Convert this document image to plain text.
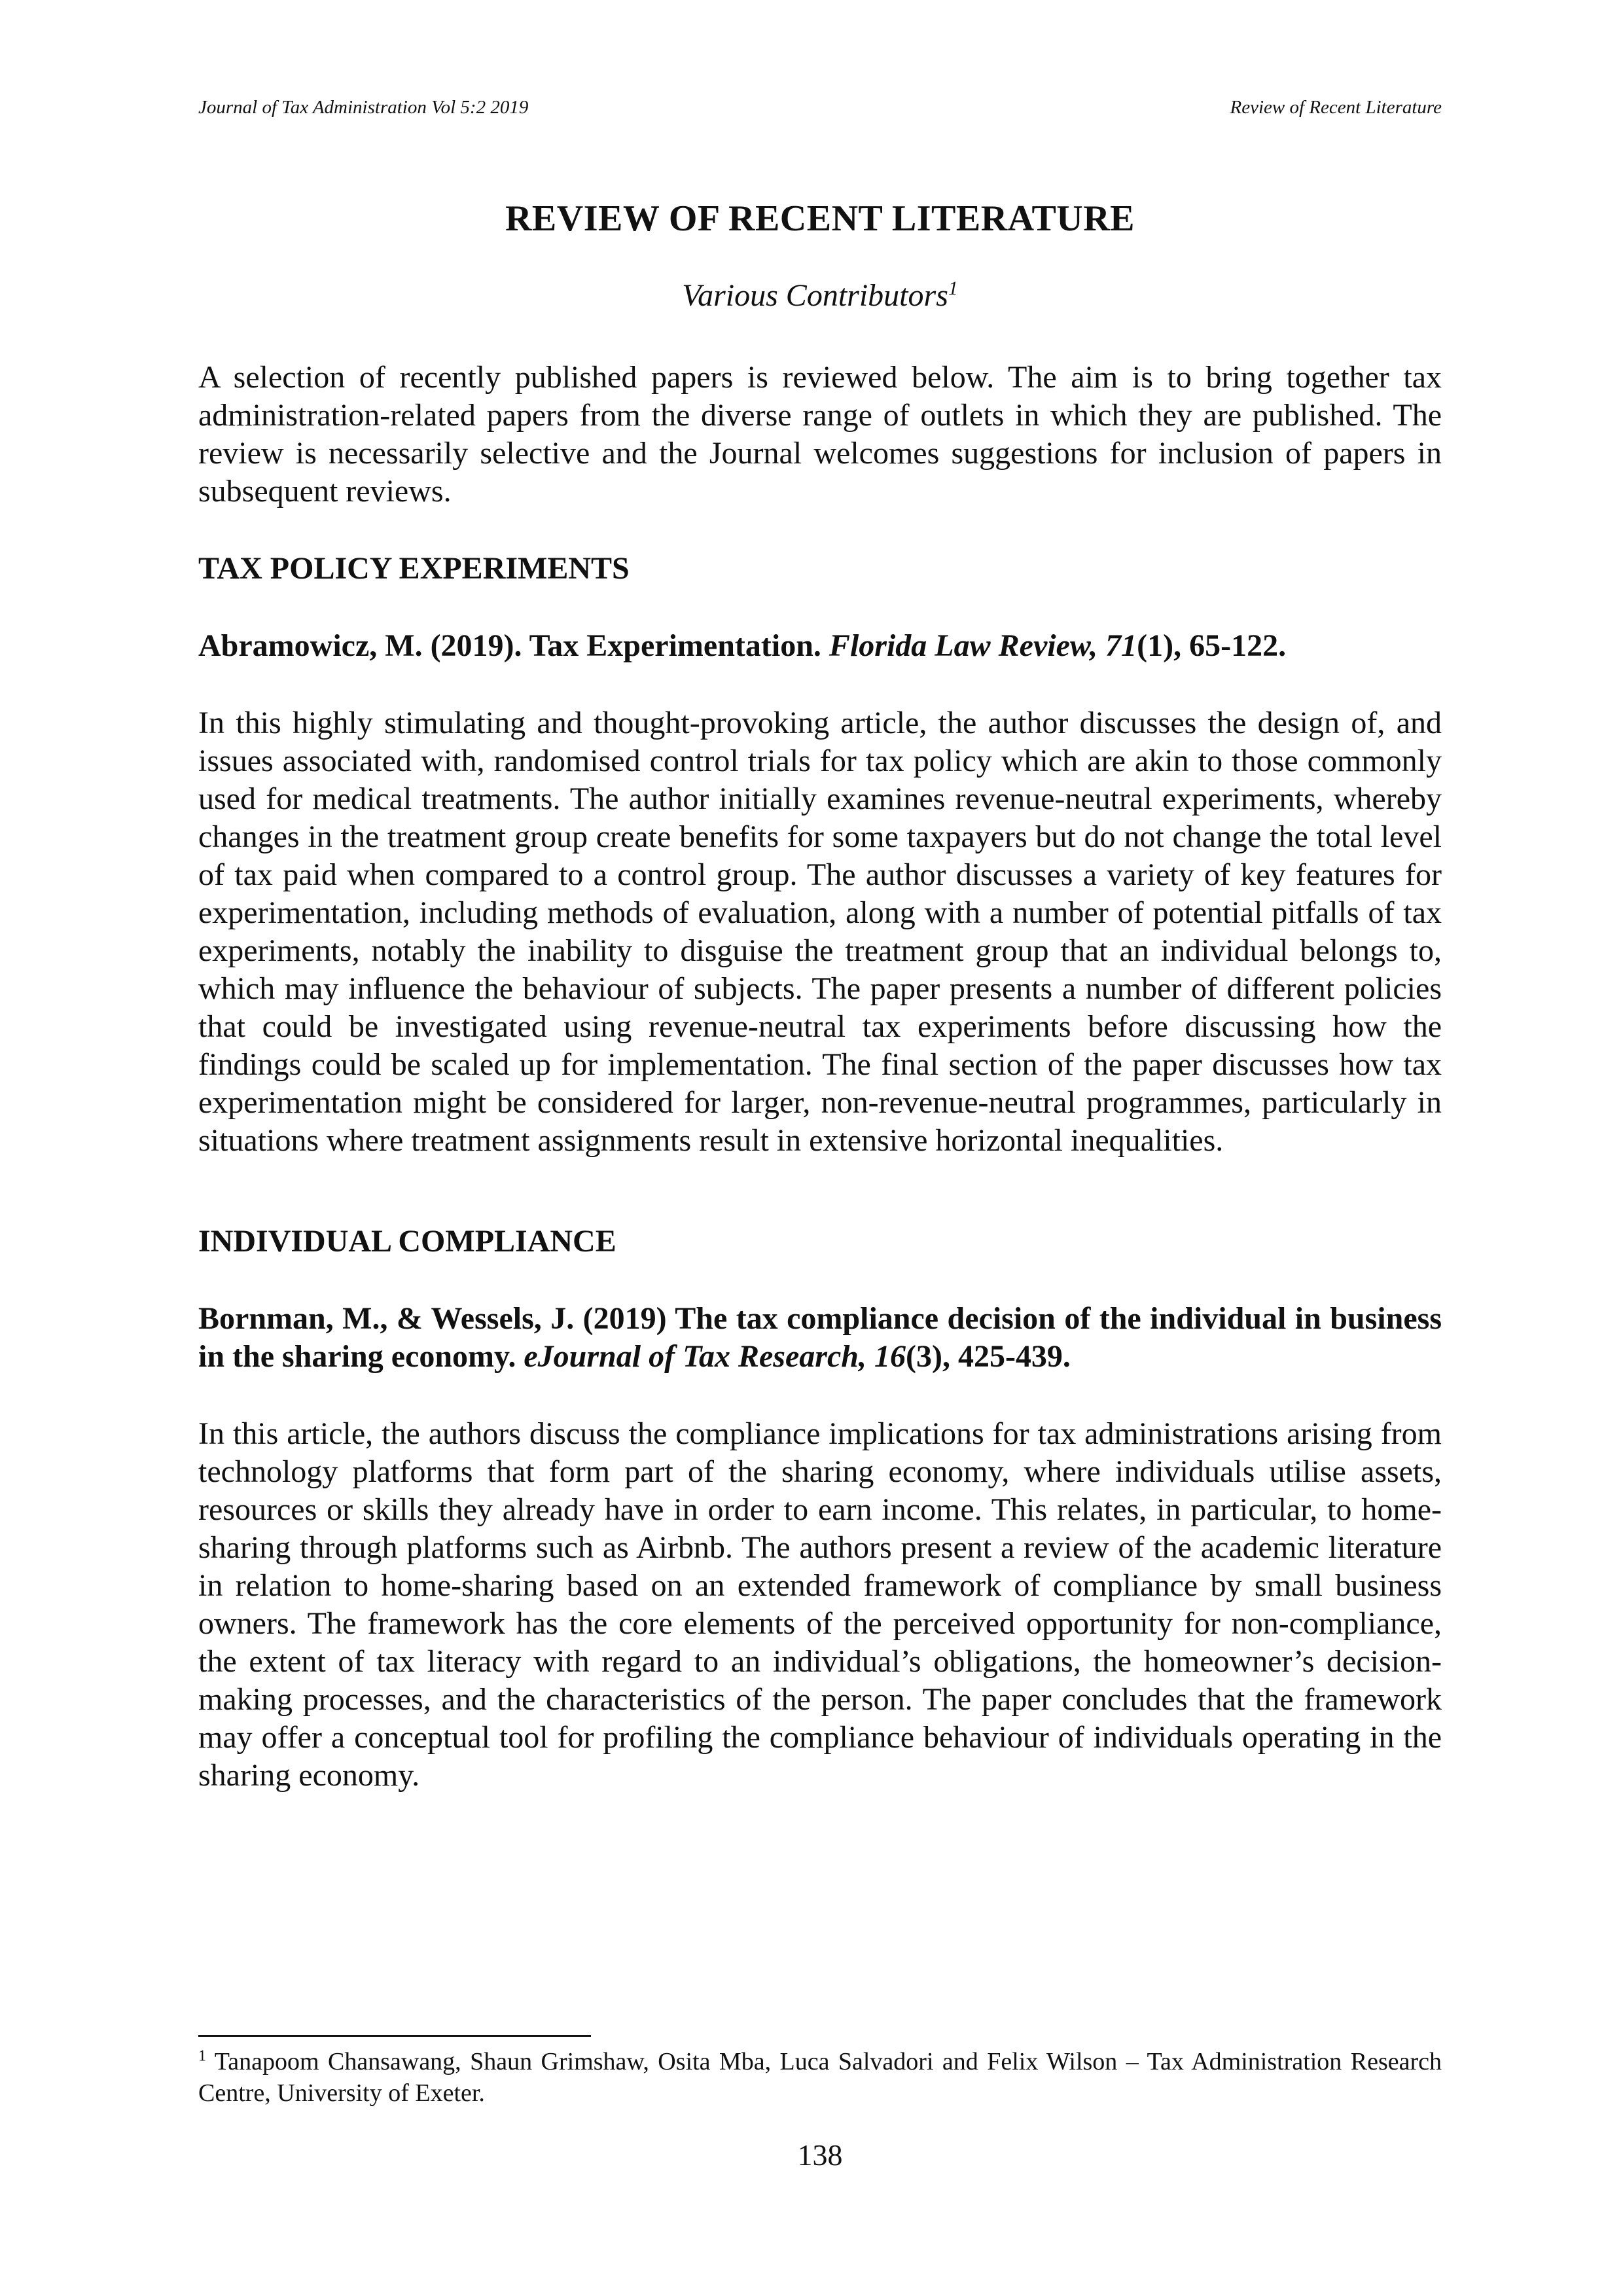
Journal of Tax Administration Vol 5:2 2019	Review of Recent Literature
REVIEW OF RECENT LITERATURE
Various Contributors$^1$

A selection of recently published papers is reviewed below. The aim is to bring together tax administration-related papers from the diverse range of outlets in which they are published. The review is necessarily selective and the Journal welcomes suggestions for inclusion of papers in subsequent reviews.

TAX POLICY EXPERIMENTS

Abramowicz, M. (2019). Tax Experimentation. Florida Law Review, 71(1), 65-122.

In this highly stimulating and thought-provoking article, the author discusses the design of, and issues associated with, randomised control trials for tax policy which are akin to those commonly used for medical treatments. The author initially examines revenue-neutral experiments, whereby changes in the treatment group create benefits for some taxpayers but do not change the total level of tax paid when compared to a control group. The author discusses a variety of key features for experimentation, including methods of evaluation, along with a number of potential pitfalls of tax experiments, notably the inability to disguise the treatment group that an individual belongs to, which may influence the behaviour of subjects. The paper presents a number of different policies that could be investigated using revenue-neutral tax experiments before discussing how the findings could be scaled up for implementation. The final section of the paper discusses how tax experimentation might be considered for larger, non-revenue-neutral programmes, particularly in situations where treatment assignments result in extensive horizontal inequalities.

INDIVIDUAL COMPLIANCE

Bornman, M., & Wessels, J. (2019) The tax compliance decision of the individual in business in the sharing economy. eJournal of Tax Research, 16(3), 425-439.

In this article, the authors discuss the compliance implications for tax administrations arising from technology platforms that form part of the sharing economy, where individuals utilise assets, resources or skills they already have in order to earn income. This relates, in particular, to home-sharing through platforms such as Airbnb. The authors present a review of the academic literature in relation to home-sharing based on an extended framework of compliance by small business owners. The framework has the core elements of the perceived opportunity for non-compliance, the extent of tax literacy with regard to an individual’s obligations, the homeowner’s decision-making processes, and the characteristics of the person. The paper concludes that the framework may offer a conceptual tool for profiling the compliance behaviour of individuals operating in the sharing economy.

$^1$ Tanapoom Chansawang, Shaun Grimshaw, Osita Mba, Luca Salvadori and Felix Wilson – Tax Administration Research Centre, University of Exeter.
138
